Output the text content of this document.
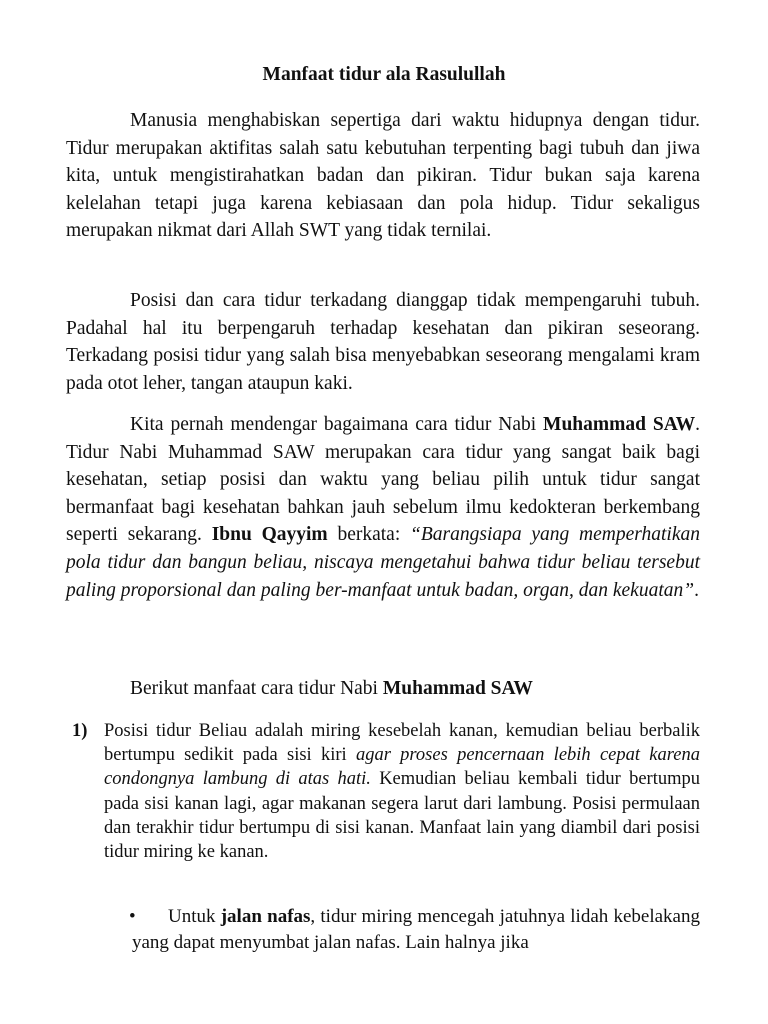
Manfaat tidur ala Rasulullah

Manusia menghabiskan sepertiga dari waktu hidupnya dengan tidur. Tidur merupakan aktifitas salah satu kebutuhan terpenting bagi tubuh dan jiwa kita, untuk mengistirahatkan badan dan pikiran. Tidur bukan saja karena kelelahan tetapi juga karena kebiasaan dan pola hidup. Tidur sekaligus merupakan nikmat dari Allah SWT yang tidak ternilai.

Posisi dan cara tidur terkadang dianggap tidak mempengaruhi tubuh. Padahal hal itu berpengaruh terhadap kesehatan dan pikiran seseorang. Terkadang posisi tidur yang salah bisa menyebabkan seseorang mengalami kram pada otot leher, tangan ataupun kaki.

Kita pernah mendengar bagaimana cara tidur Nabi Muhammad SAW. Tidur Nabi Muhammad SAW merupakan cara tidur yang sangat baik bagi kesehatan, setiap posisi dan waktu yang beliau pilih untuk tidur sangat bermanfaat bagi kesehatan bahkan jauh sebelum ilmu kedokteran berkembang seperti sekarang. Ibnu Qayyim berkata: “Barangsiapa yang memperhatikan pola tidur dan bangun beliau, niscaya mengetahui bahwa tidur beliau tersebut paling proporsional dan paling ber-manfaat untuk badan, organ, dan kekuatan”.

Berikut manfaat cara tidur Nabi Muhammad SAW

1) Posisi tidur Beliau adalah miring kesebelah kanan, kemudian beliau berbalik bertumpu sedikit pada sisi kiri agar proses pencernaan lebih cepat karena condongnya lambung di atas hati. Kemudian beliau kembali tidur bertumpu pada sisi kanan lagi, agar makanan segera larut dari lambung. Posisi permulaan dan terakhir tidur bertumpu di sisi kanan. Manfaat lain yang diambil dari posisi tidur miring ke kanan.
•	Untuk jalan nafas, tidur miring mencegah jatuhnya lidah kebelakang yang dapat menyumbat jalan nafas. Lain halnya jika
